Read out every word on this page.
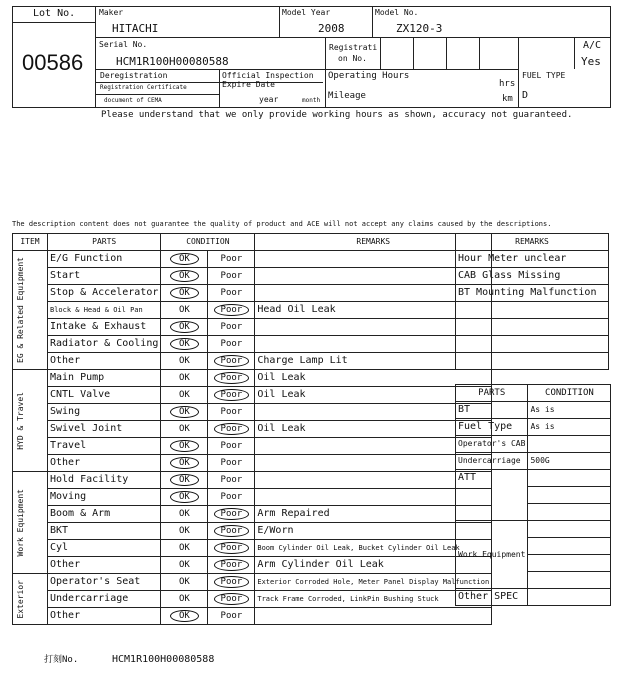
Lot No.
00586
Maker
HITACHI
Model Year
2008
Model No.
ZX120-3
Serial No.
HCM1R100H00080588
Registrati
on No.
A/C
Yes
Deregistration
Registration Certificate
document of CEMA
Official Inspection
Expire Date
year	month
Operating Hours
hrs
Mileage	km
FUEL TYPE
D
Please understand that we only provide working hours as shown, accuracy not guaranteed.
The description content does not guarantee the quality of product and ACE will not accept any claims caused by the descriptions.
ITEM	PARTS	CONDITION		REMARKS

EG & Related Equipment	E/G Function	OK	Poor	
	Start	OK	Poor	
	Stop & Accelerator	OK	Poor	
	Block & Head & Oil Pan	OK	Poor	Head Oil Leak
	Intake & Exhaust	OK	Poor	
	Radiator & Cooling	OK	Poor	
	Other	OK	Poor	Charge Lamp Lit

HYD & Travel	Main Pump	OK	Poor	Oil Leak
	CNTL Valve	OK	Poor	Oil Leak
	Swing	OK	Poor	
	Swivel Joint	OK	Poor	Oil Leak
	Travel	OK	Poor	
	Other	OK	Poor	

Work Equipment	Hold Facility	OK	Poor	
	Moving	OK	Poor	
	Boom & Arm	OK	Poor	Arm Repaired
	BKT	OK	Poor	E/Worn
	Cyl	OK	Poor	Boom Cylinder Oil Leak, Bucket Cylinder Oil Leak
	Other	OK	Poor	Arm Cylinder Oil Leak

Exterior	Operator's Seat	OK	Poor	Exterior Corroded Hole, Meter Panel Display Malfunction
	Undercarriage	OK	Poor	Track Frame Corroded, LinkPin Bushing Stuck
	Other	OK	Poor	
REMARKS
Hour Meter unclear
CAB Glass Missing
BT Mounting Malfunction

PARTS	CONDITION
BT	As is
Fuel Type	As is
Operator's CAB	
Undercarriage	500G
ATT	

Work Equipment	

Other SPEC	
打刻No.	HCM1R100H00080588
